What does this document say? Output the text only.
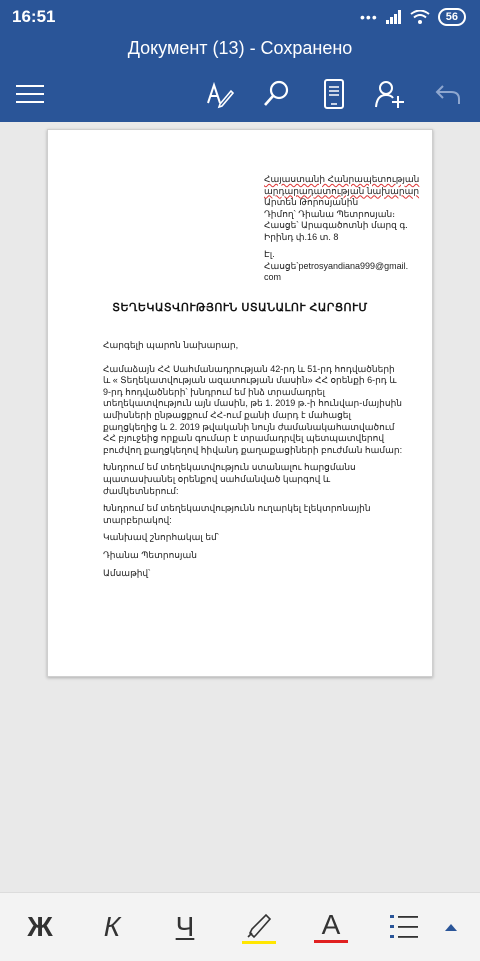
16:51	•••	56
Документ (13) - Сохранено
Հայաստանի Հանրապետության
արդարադատության նախարար
Արտեն Թորոսյանին
Դիմող՝ Դիանա Պետրոսյան։
Հասցե՝ Արագածոտնի մարզ գ.
Իրինդ փ.16 տ. 8
Էլ.
Հասցե՝petrosyandiana999@gmail.
com
ՏԵՂԵԿԱՏՎՈՒԹՅՈՒՆ ՍՏԱՆԱԼՈՒ ՀԱՐՑՈՒՄ

Հարգելի պարոն նախարար,

Համաձայն ՀՀ Սահմանադրության 42-րդ և 51-րդ հոդվածների և « Տեղեկատվության ազատության մասին» ՀՀ օրենքի 6-րդ և 9-րդ հոդվածների՝ խնդրում եմ ինձ տրամադրել տեղեկատվություն այն մասին, թե 1. 2019 թ.-ի հունվար-մայիսին ամիսների ընթացքում ՀՀ-ում քանի մարդ է մահացել քաղցկեղից և 2. 2019 թվականի նույն ժամանակահատվածում ՀՀ բյուջեից որքան գումար է տրամադրվել պետպատվերով բուժվող քաղցկեղով հիվանդ քաղաքացիների բուժման համար:

Խնդրում եմ տեղեկատվություն ստանալու հարցմանս պատասխանել օրենքով սահմանված կարգով և ժամկետներում:

Խնդրում եմ տեղեկատվությունն ուղարկել էլեկտրոնային տարբերակով:

Կանխավ շնորհակալ եմ՝

Դիանա Պետրոսյան

Ամսաթիվ՝

Ж К Ч	А
